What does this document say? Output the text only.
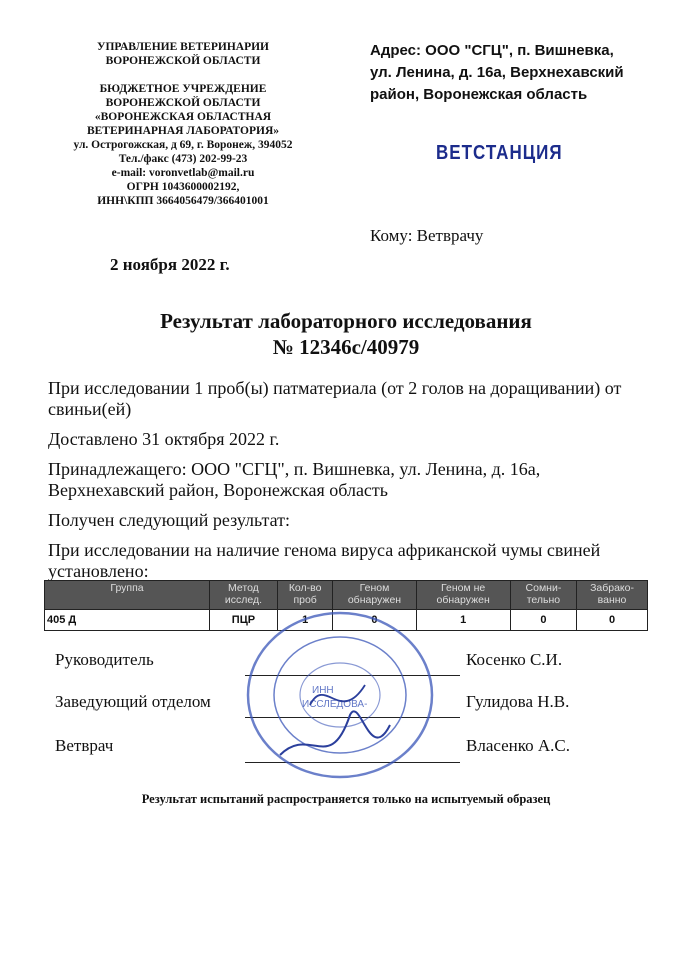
УПРАВЛЕНИЕ ВЕТЕРИНАРИИ
ВОРОНЕЖСКОЙ ОБЛАСТИ
БЮДЖЕТНОЕ УЧРЕЖДЕНИЕ
ВОРОНЕЖСКОЙ ОБЛАСТИ
«ВОРОНЕЖСКАЯ ОБЛАСТНАЯ
ВЕТЕРИНАРНАЯ ЛАБОРАТОРИЯ»
ул. Острогожская, д 69, г. Воронеж, 394052
Тел./факс (473) 202-99-23
e-mail: voronvetlab@mail.ru
ОГРН 1043600002192,
ИНН\КПП 3664056479/366401001
Адрес: ООО "СГЦ", п. Вишневка,
ул. Ленина, д. 16а, Верхнехавский
район, Воронежская область
ВЕТСТАНЦИЯ
Кому: Ветврачу
2 ноября 2022 г.
Результат лабораторного исследования
№ 12346с/40979

При исследовании 1 проб(ы) патматериала (от 2 голов на доращивании) от свиньи(ей)

Доставлено 31 октября 2022 г.

Принадлежащего: ООО "СГЦ", п. Вишневка, ул. Ленина, д. 16а, Верхнехавский район, Воронежская область

Получен следующий результат:

При исследовании на наличие генома вируса африканской чумы свиней установлено:

Группа	Метод исслед.	Кол-во проб	Геном обнаружен	Геном не обнаружен	Сомни-тельно	Забрако-ванно
405 Д	ПЦР	1	0	1	0	0
Руководитель	Косенко С.И.
Заведующий отделом	Гулидова Н.В.
Ветврач	Власенко А.С.
ИНН
ИССЛЕДОВА-
Результат испытаний распространяется только на испытуемый образец
